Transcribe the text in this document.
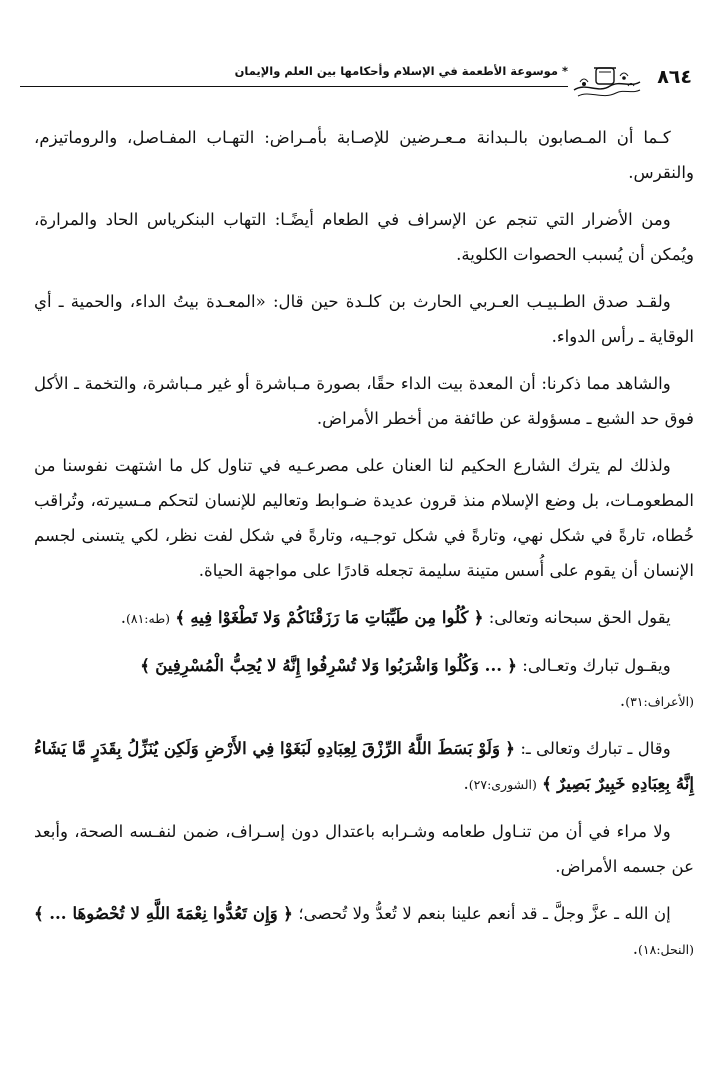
٨٦٤
* موسوعة الأطعمة في الإسلام وأحكامها بين العلم والإيمان

كـما أن المـصابون بالـبدانة مـعـرضين للإصـابة بأمـراض: التهـاب المفـاصل، والروماتيزم، والنقرس.

ومن الأضرار التي تنجم عن الإسراف في الطعام أيضًـا: التهاب البنكرياس الحاد والمرارة، ويُمكن أن يُسبب الحصوات الكلوية.

ولقـد صدق الطـبيـب العـربي الحارث بن كلـدة حين قال: «المعـدة بيتُ الداء، والحمية ـ أي الوقاية ـ رأس الدواء.

والشاهد مما ذكرنا: أن المعدة بيت الداء حقًا، بصورة مـباشرة أو غير مـباشرة، والتخمة ـ الأكل فوق حد الشبع ـ مسؤولة عن طائفة من أخطر الأمراض.

ولذلك لم يترك الشارع الحكيم لنا العنان على مصرعـيه في تناول كل ما اشتهت نفوسنا من المطعومـات، بل وضع الإسلام منذ قرون عديدة ضـوابط وتعاليم للإنسان لتحكم مـسيرته، وتُراقب خُطاه، تارةً في شكل نهي، وتارةً في شكل توجـيه، وتارةً في شكل لفت نظر، لكي يتسنى لجسم الإنسان أن يقوم على أُسس متينة سليمة تجعله قادرًا على مواجهة الحياة.

يقول الحق سبحانه وتعالى: ﴿ كُلُوا مِن طَيِّبَاتِ مَا رَزَقْنَاكُمْ وَلا تَطْغَوْا فِيهِ ﴾ (طه:٨١).

ويقـول تبارك وتعـالى: ﴿ ... وَكُلُوا وَاشْرَبُوا وَلا تُسْرِفُوا إِنَّهُ لا يُحِبُّ الْمُسْرِفِينَ ﴾
(الأعراف:٣١).

وقال ـ تبارك وتعالى ـ: ﴿ وَلَوْ بَسَطَ اللَّهُ الرِّزْقَ لِعِبَادِهِ لَبَغَوْا فِي الأَرْضِ وَلَكِن يُنَزِّلُ بِقَدَرٍ مَّا يَشَاءُ إِنَّهُ بِعِبَادِهِ خَبِيرٌ بَصِيرٌ ﴾ (الشورى:٢٧).

ولا مراء في أن من تنـاول طعامه وشـرابه باعتدال دون إسـراف، ضمن لنفـسه الصحة، وأبعد عن جسمه الأمراض.

إن الله ـ عزَّ وجلَّ ـ قد أنعم علينا بنعم لا تُعدُّ ولا تُحصى؛ ﴿ وَإِن تَعُدُّوا نِعْمَةَ اللَّهِ لا تُحْصُوهَا ... ﴾ (النحل:١٨).
